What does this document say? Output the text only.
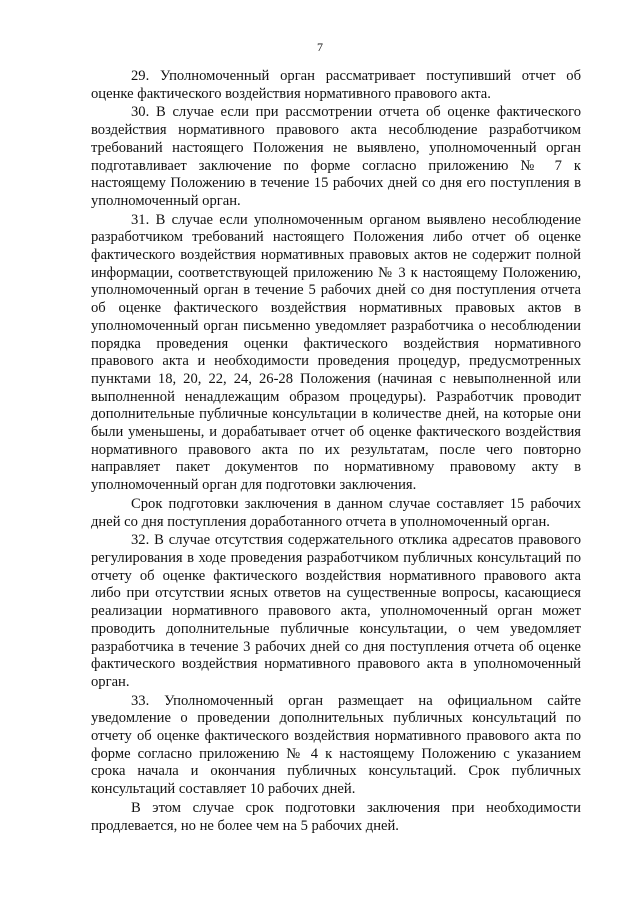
7

29. Уполномоченный орган рассматривает поступивший отчет об оценке фактического воздействия нормативного правового акта.

30. В случае если при рассмотрении отчета об оценке фактического воздействия нормативного правового акта несоблюдение разработчиком требований настоящего Положения не выявлено, уполномоченный орган подготавливает заключение по форме согласно приложению № 7 к настоящему Положению в течение 15 рабочих дней со дня его поступления в уполномоченный орган.

31. В случае если уполномоченным органом выявлено несоблюдение разработчиком требований настоящего Положения либо отчет об оценке фактического воздействия нормативных правовых актов не содержит полной информации, соответствующей приложению № 3 к настоящему Положению, уполномоченный орган в течение 5 рабочих дней со дня поступления отчета об оценке фактического воздействия нормативных правовых актов в уполномоченный орган письменно уведомляет разработчика о несоблюдении порядка проведения оценки фактического воздействия нормативного правового акта и необходимости проведения процедур, предусмотренных пунктами 18, 20, 22, 24, 26-28 Положения (начиная с невыполненной или выполненной ненадлежащим образом процедуры). Разработчик проводит дополнительные публичные консультации в количестве дней, на которые они были уменьшены, и дорабатывает отчет об оценке фактического воздействия нормативного правового акта по их результатам, после чего повторно направляет пакет документов по нормативному правовому акту в уполномоченный орган для подготовки заключения.

Срок подготовки заключения в данном случае составляет 15 рабочих дней со дня поступления доработанного отчета в уполномоченный орган.

32. В случае отсутствия содержательного отклика адресатов правового регулирования в ходе проведения разработчиком публичных консультаций по отчету об оценке фактического воздействия нормативного правового акта либо при отсутствии ясных ответов на существенные вопросы, касающиеся реализации нормативного правового акта, уполномоченный орган может проводить дополнительные публичные консультации, о чем уведомляет разработчика в течение 3 рабочих дней со дня поступления отчета об оценке фактического воздействия нормативного правового акта в уполномоченный орган.

33. Уполномоченный орган размещает на официальном сайте уведомление о проведении дополнительных публичных консультаций по отчету об оценке фактического воздействия нормативного правового акта по форме согласно приложению № 4 к настоящему Положению с указанием срока начала и окончания публичных консультаций. Срок публичных консультаций составляет 10 рабочих дней.

В этом случае срок подготовки заключения при необходимости продлевается, но не более чем на 5 рабочих дней.
